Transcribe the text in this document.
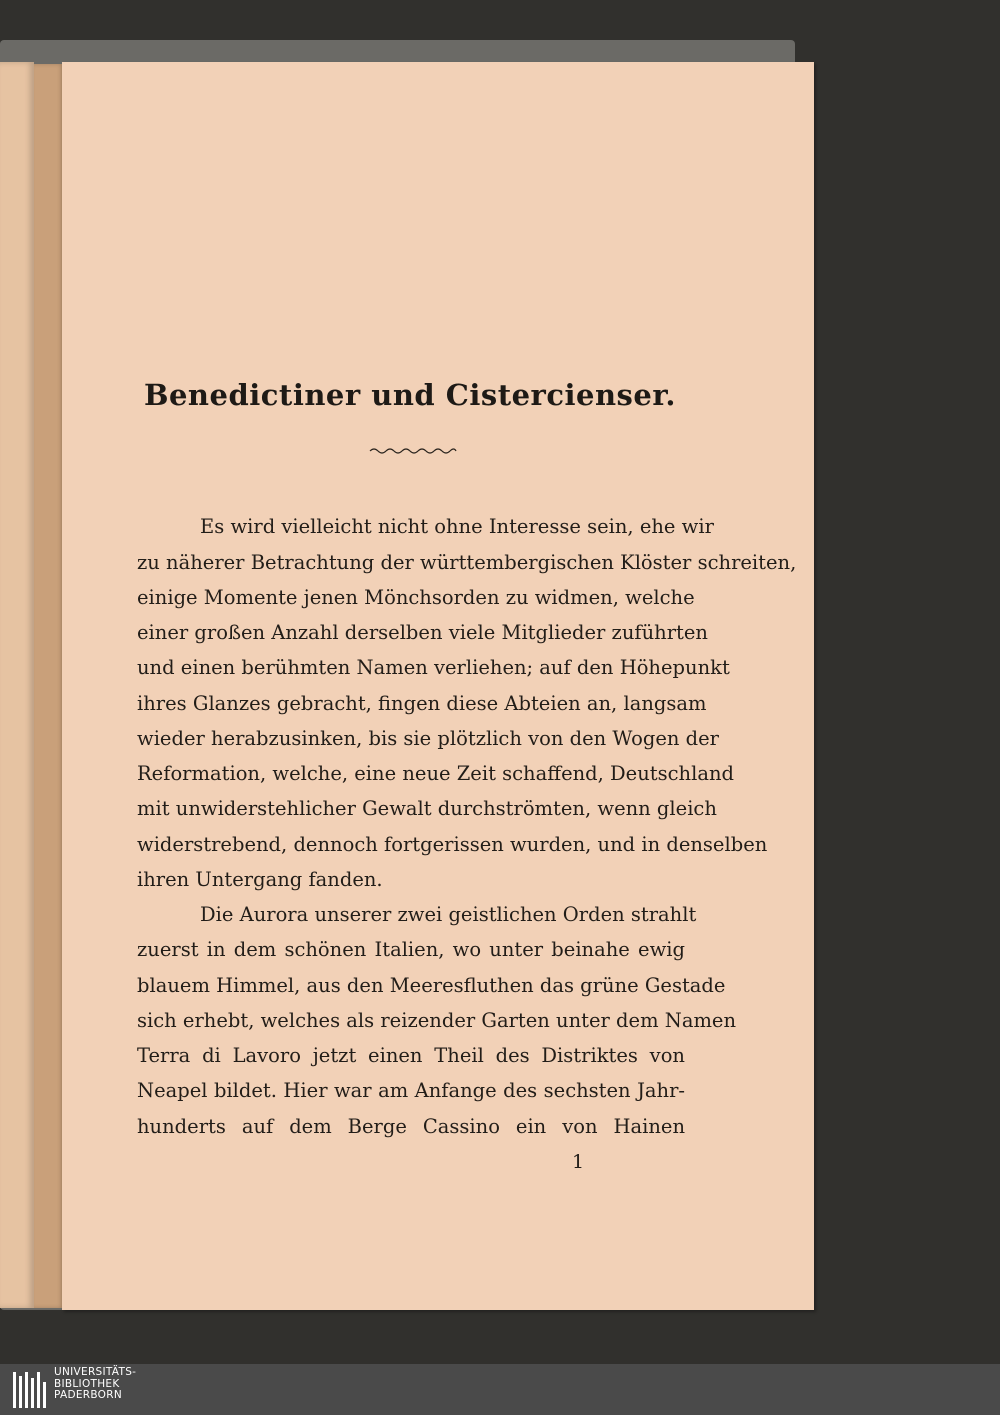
Benedictiner und Cistercienser.

Es wird vielleicht nicht ohne Interesse sein, ehe wir

zu näherer Betrachtung der württembergischen Klöster schreiten,

einige Momente jenen Mönchsorden zu widmen, welche

einer großen Anzahl derselben viele Mitglieder zuführten

und einen berühmten Namen verliehen; auf den Höhepunkt

ihres Glanzes gebracht, fingen diese Abteien an, langsam

wieder herabzusinken, bis sie plötzlich von den Wogen der

Reformation, welche, eine neue Zeit schaffend, Deutschland

mit unwiderstehlicher Gewalt durchströmten, wenn gleich

widerstrebend, dennoch fortgerissen wurden, und in denselben

ihren Untergang fanden.

Die Aurora unserer zwei geistlichen Orden strahlt

zuerst in dem schönen Italien, wo unter beinahe ewig

blauem Himmel, aus den Meeresfluthen das grüne Gestade

sich erhebt, welches als reizender Garten unter dem Namen

Terra di Lavoro jetzt einen Theil des Distriktes von

Neapel bildet. Hier war am Anfange des sechsten Jahr-

hunderts auf dem Berge Cassino ein von Hainen

1

UNIVERSITÄTS-
BIBLIOTHEK
PADERBORN
